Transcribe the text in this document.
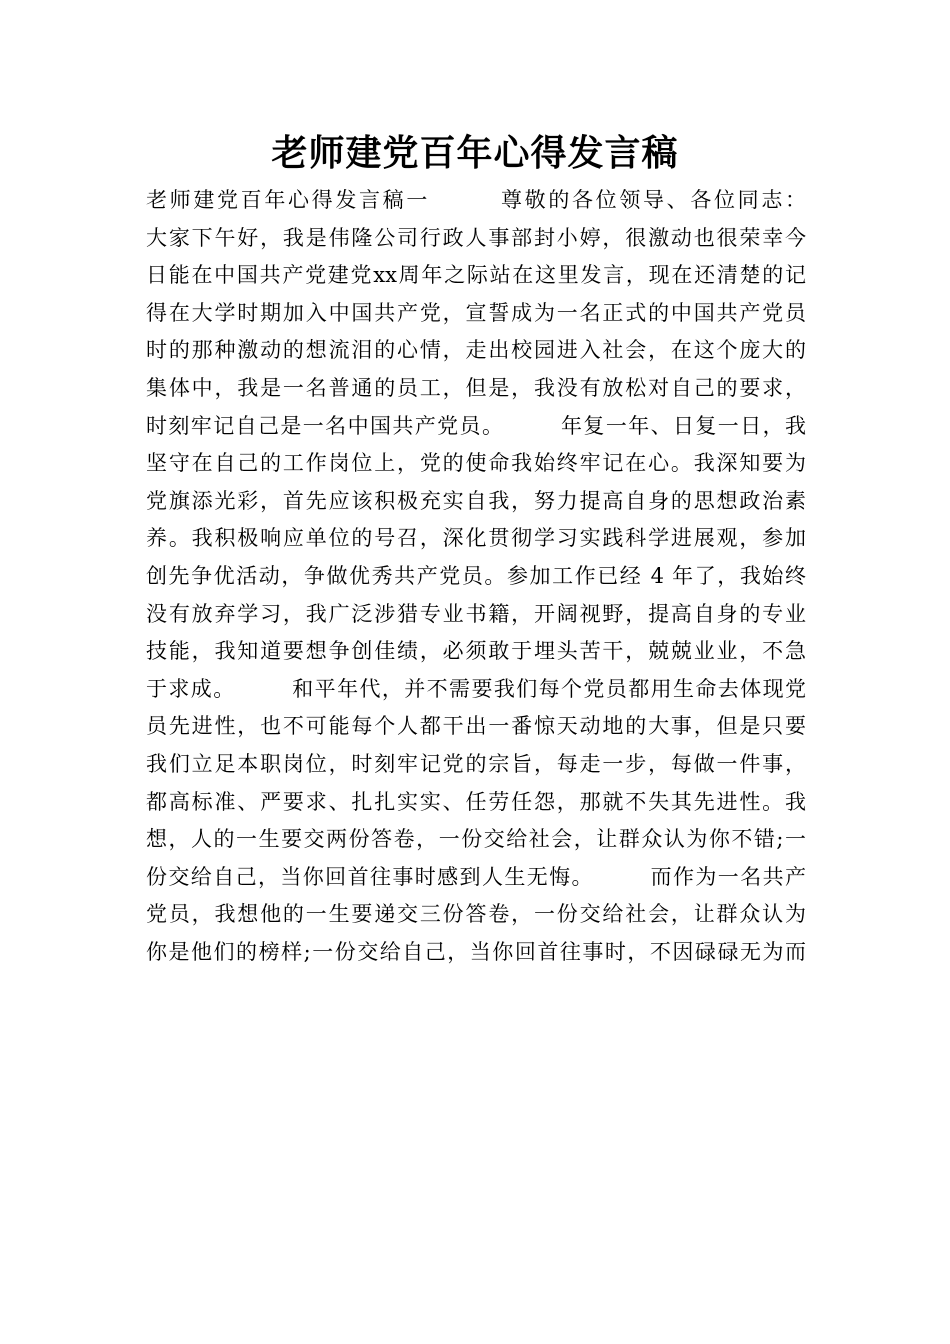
老师建党百年心得发言稿
老师建党百年心得发言稿一　　　尊敬的各位领导、各位同志：
大家下午好，我是伟隆公司行政人事部封小婷，很激动也很荣幸今
日能在中国共产党建党xx周年之际站在这里发言，现在还清楚的记
得在大学时期加入中国共产党，宣誓成为一名正式的中国共产党员
时的那种激动的想流泪的心情，走出校园进入社会，在这个庞大的
集体中，我是一名普通的员工，但是，我没有放松对自己的要求，
时刻牢记自己是一名中国共产党员。　　　年复一年、日复一日，我
坚守在自己的工作岗位上，党的使命我始终牢记在心。我深知要为
党旗添光彩，首先应该积极充实自我，努力提高自身的思想政治素
养。我积极响应单位的号召，深化贯彻学习实践科学进展观，参加
创先争优活动，争做优秀共产党员。参加工作已经 4 年了，我始终
没有放弃学习，我广泛涉猎专业书籍，开阔视野，提高自身的专业
技能，我知道要想争创佳绩，必须敢于埋头苦干，兢兢业业，不急
于求成。　　　和平年代，并不需要我们每个党员都用生命去体现党
员先进性，也不可能每个人都干出一番惊天动地的大事，但是只要
我们立足本职岗位，时刻牢记党的宗旨，每走一步，每做一件事，
都高标准、严要求、扎扎实实、任劳任怨，那就不失其先进性。我
想，人的一生要交两份答卷，一份交给社会，让群众认为你不错;一
份交给自己，当你回首往事时感到人生无悔。　　　而作为一名共产
党员，我想他的一生要递交三份答卷，一份交给社会，让群众认为
你是他们的榜样;一份交给自己，当你回首往事时，不因碌碌无为而
